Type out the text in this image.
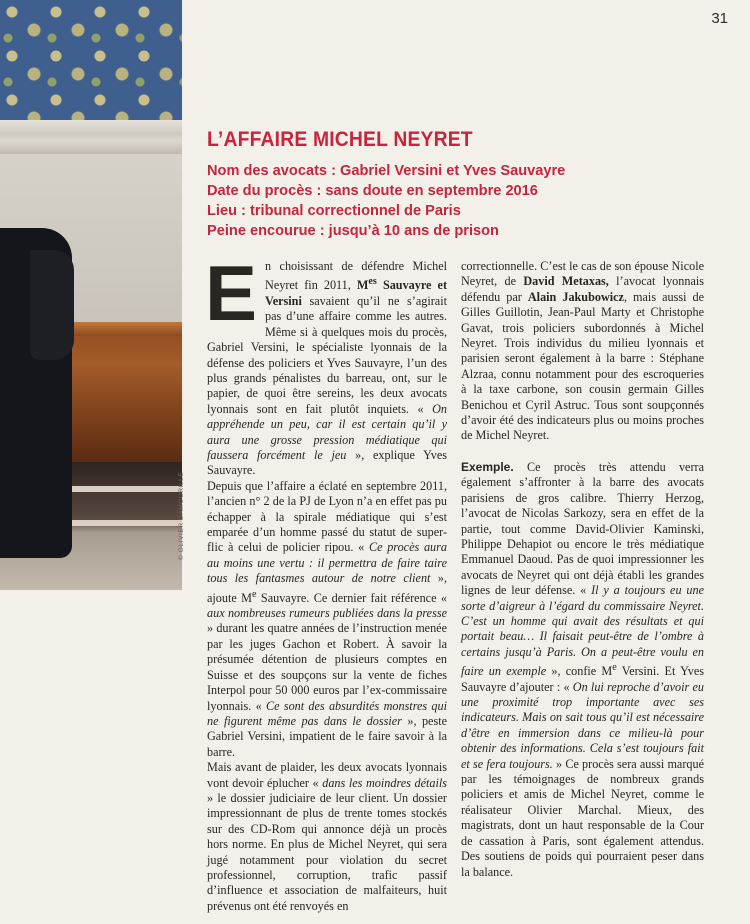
© OLIVIER DAMOURILLE
31
L’AFFAIRE MICHEL NEYRET
Nom des avocats : Gabriel Versini et Yves Sauvayre
Date du procès : sans doute en septembre 2016
Lieu : tribunal correctionnel de Paris
Peine encourue : jusqu’à 10 ans de prison

En choisissant de défendre Michel Neyret fin 2011, $M^{es}$ Sauvayre et Versini savaient qu’il ne s’agirait pas d’une affaire comme les autres. Même si à quelques mois du procès, Gabriel Versini, le spécialiste lyonnais de la défense des policiers et Yves Sauvayre, l’un des plus grands pénalistes du barreau, ont, sur le papier, de quoi être sereins, les deux avocats lyonnais sont en fait plutôt inquiets. « On appréhende un peu, car il est certain qu’il y aura une grosse pression médiatique qui faussera forcément le jeu », explique Yves Sauvayre.

Depuis que l’affaire a éclaté en septembre 2011, l’ancien n° 2 de la PJ de Lyon n’a en effet pas pu échapper à la spirale médiatique qui s’est emparée d’un homme passé du statut de super-flic à celui de policier ripou. « Ce procès aura au moins une vertu : il permettra de faire taire tous les fantasmes autour de notre client », ajoute Me Sauvayre. Ce dernier fait référence « aux nombreuses rumeurs publiées dans la presse » durant les quatre années de l’instruction menée par les juges Gachon et Robert. À savoir la présumée détention de plusieurs comptes en Suisse et des soupçons sur la vente de fiches Interpol pour 50 000 euros par l’ex-commissaire lyonnais. « Ce sont des absurdités monstres qui ne figurent même pas dans le dossier », peste Gabriel Versini, impatient de le faire savoir à la barre.

Mais avant de plaider, les deux avocats lyonnais vont devoir éplucher « dans les moindres détails » le dossier judiciaire de leur client. Un dossier impressionnant de plus de trente tomes stockés sur des CD-Rom qui annonce déjà un procès hors norme. En plus de Michel Neyret, qui sera jugé notamment pour violation du secret professionnel, corruption, trafic passif d’influence et association de malfaiteurs, huit prévenus ont été renvoyés en

correctionnelle. C’est le cas de son épouse Nicole Neyret, de David Metaxas, l’avocat lyonnais défendu par Alain Jakubowicz, mais aussi de Gilles Guillotin, Jean-Paul Marty et Christophe Gavat, trois policiers subordonnés à Michel Neyret. Trois individus du milieu lyonnais et parisien seront également à la barre : Stéphane Alzraa, connu notamment pour des escroqueries à la taxe carbone, son cousin germain Gilles Benichou et Cyril Astruc. Tous sont soupçonnés d’avoir été des indicateurs plus ou moins proches de Michel Neyret.

Exemple. Ce procès très attendu verra également s’affronter à la barre des avocats parisiens de gros calibre. Thierry Herzog, l’avocat de Nicolas Sarkozy, sera en effet de la partie, tout comme David-Olivier Kaminski, Philippe Dehapiot ou encore le très médiatique Emmanuel Daoud. Pas de quoi impressionner les avocats de Neyret qui ont déjà établi les grandes lignes de leur défense. « Il y a toujours eu une sorte d’aigreur à l’égard du commissaire Neyret. C’est un homme qui avait des résultats et qui portait beau… Il faisait peut-être de l’ombre à certains jusqu’à Paris. On a peut-être voulu en faire un exemple », confie Me Versini. Et Yves Sauvayre d’ajouter : « On lui reproche d’avoir eu une proximité trop importante avec ses indicateurs. Mais on sait tous qu’il est nécessaire d’être en immersion dans ce milieu-là pour obtenir des informations. Cela s’est toujours fait et se fera toujours. » Ce procès sera aussi marqué par les témoignages de nombreux grands policiers et amis de Michel Neyret, comme le réalisateur Olivier Marchal. Mieux, des magistrats, dont un haut responsable de la Cour de cassation à Paris, sont également attendus. Des soutiens de poids qui pourraient peser dans la balance.
